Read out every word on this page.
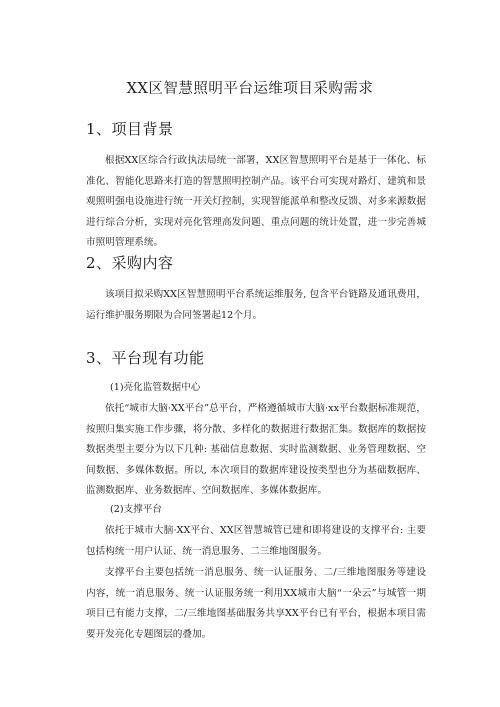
XX区智慧照明平台运维项目采购需求
1、项目背景

根据XX区综合行政执法局统一部署，XX区智慧照明平台是基于一体化、标准化、智能化思路来打造的智慧照明控制产品。该平台可实现对路灯、建筑和景观照明强电设施进行统一开关灯控制，实现智能派单和整改反馈、对多来源数据进行综合分析，实现对亮化管理高发问题、重点问题的统计处置，进一步完善城市照明管理系统。

2、采购内容

该项目拟采购XX区智慧照明平台系统运维服务, 包含平台链路及通讯费用，运行维护服务期限为合同签署起12个月。

3、平台现有功能
(1)亮化监管数据中心

依托“城市大脑·XX平台”总平台，严格遵循城市大脑·xx平台数据标准规范，按照归集实施工作步骤，将分散、多样化的数据进行数据汇集。数据库的数据按数据类型主要分为以下几种: 基础信息数据、实时监测数据、业务管理数据、空间数据、多媒体数据。所以, 本次项目的数据库建设按类型也分为基础数据库、监测数据库、业务数据库、空间数据库、多媒体数据库。

(2)支撑平台

依托于城市大脑·XX平台、XX区智慧城管已建和即将建设的支撑平台: 主要包括构统一用户认证、统一消息服务、二三维地图服务。

支撑平台主要包括统一消息服务、统一认证服务、二/三维地图服务等建设内容，统一消息服务、统一认证服务统一利用XX城市大脑“一朵云”与城管一期项目已有能力支撑，二/三维地图基础服务共享XX平台已有平台，根据本项目需要开发亮化专题图层的叠加。
